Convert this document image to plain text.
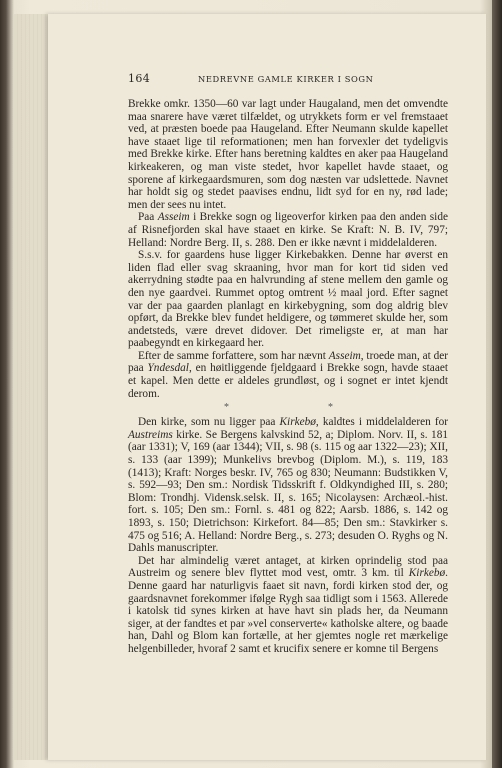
164	NEDREVNE GAMLE KIRKER I SOGN

Brekke omkr. 1350—60 var lagt under Haugaland, men det omvendte maa snarere have været tilfældet, og utrykkets form er vel fremstaaet ved, at præsten boede paa Haugeland. Efter Neumann skulde kapellet have staaet lige til reformationen; men han forvexler det tydeligvis med Brekke kirke. Efter hans beretning kaldtes en aker paa Haugeland kirkeakeren, og man viste stedet, hvor kapellet havde staaet, og sporene af kirkegaardsmuren, som dog næsten var udslettede. Navnet har holdt sig og stedet paavises endnu, lidt syd for en ny, rød lade; men der sees nu intet.

Paa Asseim i Brekke sogn og ligeoverfor kirken paa den anden side af Risnefjorden skal have staaet en kirke. Se Kraft: N. B. IV, 797; Helland: Nordre Berg. II, s. 288. Den er ikke nævnt i middelalderen.

S.s.v. for gaardens huse ligger Kirkebakken. Denne har øverst en liden flad eller svag skraaning, hvor man for kort tid siden ved akerrydning stødte paa en halvrunding af stene mellem den gamle og den nye gaardvei. Rummet optog omtrent ½ maal jord. Efter sagnet var der paa gaarden planlagt en kirkebygning, som dog aldrig blev opført, da Brekke blev fundet heldigere, og tømmeret skulde her, som andetsteds, være drevet didover. Det rimeligste er, at man har paabegyndt en kirkegaard her.

Efter de samme forfattere, som har nævnt Asseim, troede man, at der paa Yndesdal, en høitliggende fjeldgaard i Brekke sogn, havde staaet et kapel. Men dette er aldeles grundløst, og i sognet er intet kjendt derom.

*	*

Den kirke, som nu ligger paa Kirkebø, kaldtes i middelalderen for Austreims kirke. Se Bergens kalvskind 52, a; Diplom. Norv. II, s. 181 (aar 1331); V, 169 (aar 1344); VII, s. 98 (s. 115 og aar 1322—23); XII, s. 133 (aar 1399); Munkelivs brevbog (Diplom. M.), s. 119, 183 (1413); Kraft: Norges beskr. IV, 765 og 830; Neumann: Budstikken V, s. 592—93; Den sm.: Nordisk Tidsskrift f. Oldkyndighed III, s. 280; Blom: Trondhj. Vidensk.selsk. II, s. 165; Nicolaysen: Archæol.-hist. fort. s. 105; Den sm.: Fornl. s. 481 og 822; Aarsb. 1886, s. 142 og 1893, s. 150; Dietrichson: Kirkefort. 84—85; Den sm.: Stavkirker s. 475 og 516; A. Helland: Nordre Berg., s. 273; desuden O. Ryghs og N. Dahls manuscripter.

Det har almindelig været antaget, at kirken oprindelig stod paa Austreim og senere blev flyttet mod vest, omtr. 3 km. til Kirkebø. Denne gaard har naturligvis faaet sit navn, fordi kirken stod der, og gaardsnavnet forekommer ifølge Rygh saa tidligt som i 1563. Allerede i katolsk tid synes kirken at have havt sin plads her, da Neumann siger, at der fandtes et par »vel conserverte« katholske altere, og baade han, Dahl og Blom kan fortælle, at her gjemtes nogle ret mærkelige helgenbilleder, hvoraf 2 samt et krucifix senere er komne til Bergens
